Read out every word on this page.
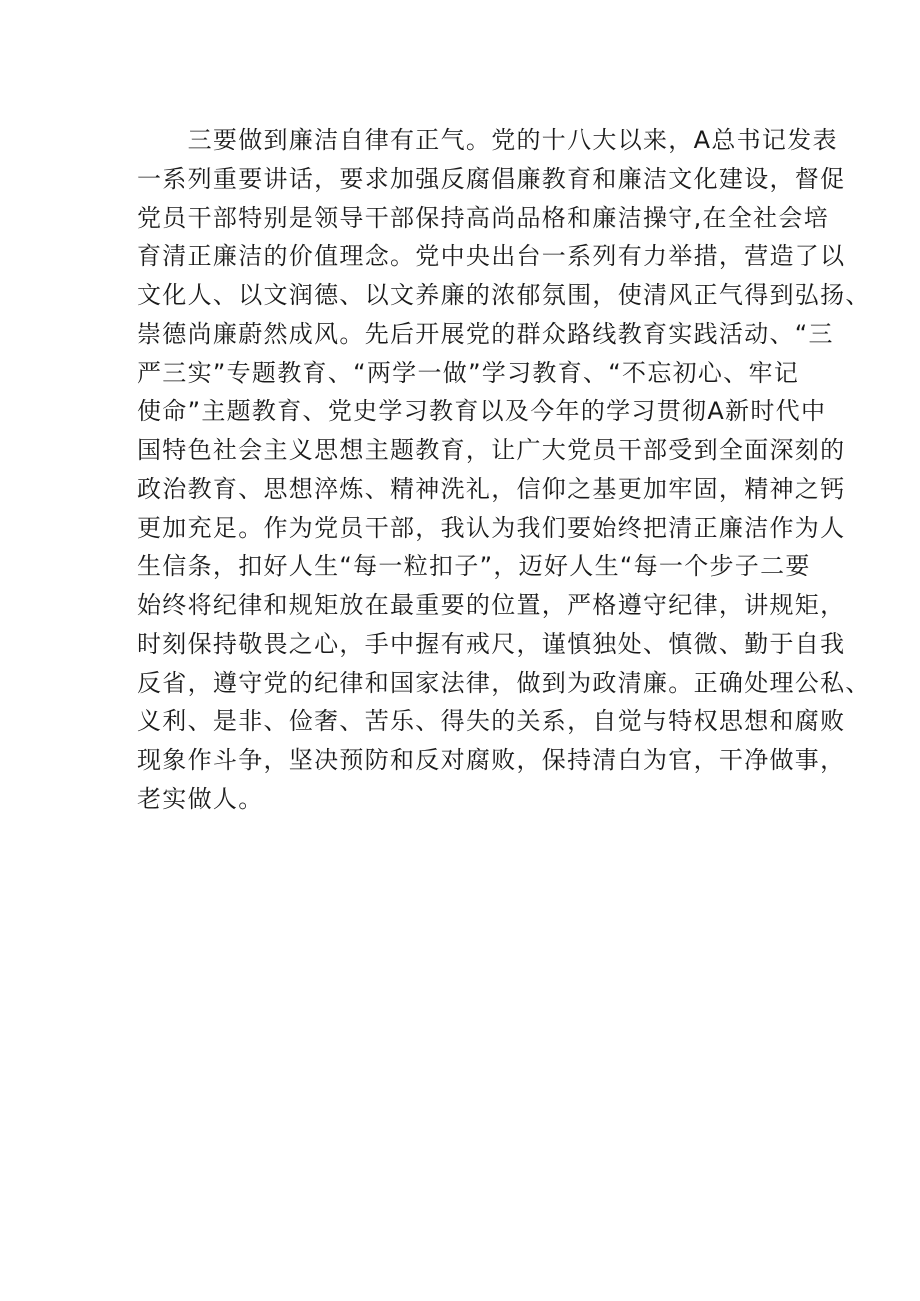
　　三要做到廉洁自律有正气。党的十八大以来，A总书记发表
一系列重要讲话，要求加强反腐倡廉教育和廉洁文化建设，督促
党员干部特别是领导干部保持高尚品格和廉洁操守,在全社会培
育清正廉洁的价值理念。党中央出台一系列有力举措，营造了以
文化人、以文润德、以文养廉的浓郁氛围，使清风正气得到弘扬、
崇德尚廉蔚然成风。先后开展党的群众路线教育实践活动、“三
严三实”专题教育、“两学一做”学习教育、“不忘初心、牢记
使命”主题教育、党史学习教育以及今年的学习贯彻A新时代中
国特色社会主义思想主题教育，让广大党员干部受到全面深刻的
政治教育、思想淬炼、精神洗礼，信仰之基更加牢固，精神之钙
更加充足。作为党员干部，我认为我们要始终把清正廉洁作为人
生信条，扣好人生“每一粒扣子”，迈好人生“每一个步子二要
始终将纪律和规矩放在最重要的位置，严格遵守纪律，讲规矩，
时刻保持敬畏之心，手中握有戒尺，谨慎独处、慎微、勤于自我
反省，遵守党的纪律和国家法律，做到为政清廉。正确处理公私、
义利、是非、俭奢、苦乐、得失的关系，自觉与特权思想和腐败
现象作斗争，坚决预防和反对腐败，保持清白为官，干净做事，
老实做人。
